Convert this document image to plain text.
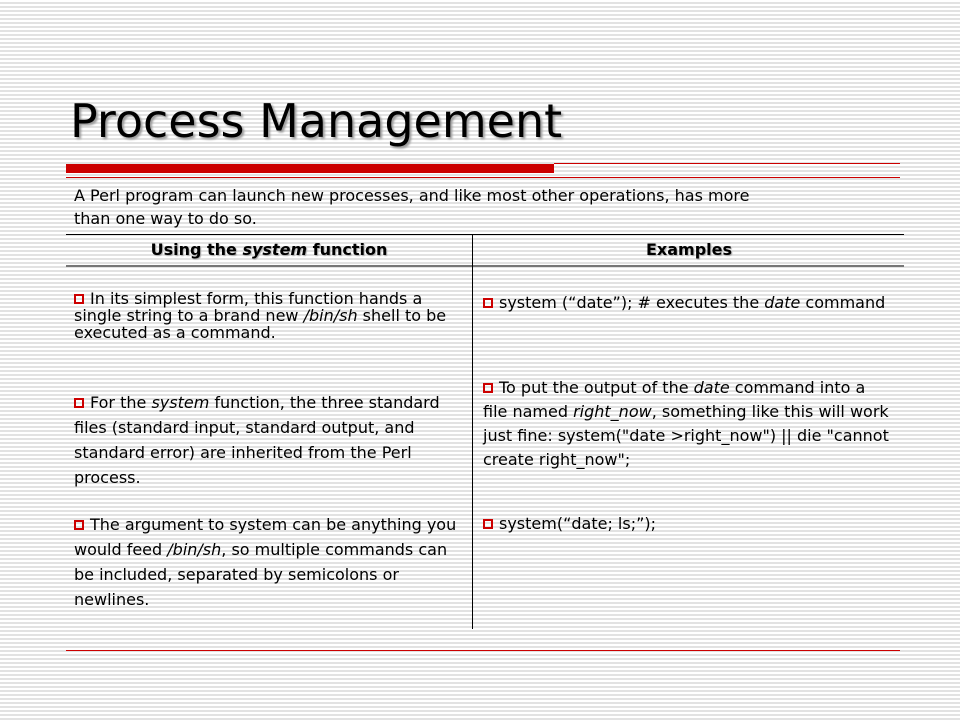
Process Management
A Perl program can launch new processes, and like most other operations, has more
than one way to do so.
Using the system function	Examples
In its simplest form, this function hands a single string to a brand new /bin/sh shell to be executed as a command.
For the system function, the three standard files (standard input, standard output, and standard error) are inherited from the Perl process.
The argument to system can be anything you would feed /bin/sh, so multiple commands can be included, separated by semicolons or newlines.
system (“date”); # executes the date command
To put the output of the date command into a file named right_now, something like this will work just fine: system("date >right_now") || die "cannot create right_now";
system(“date; ls;”);
